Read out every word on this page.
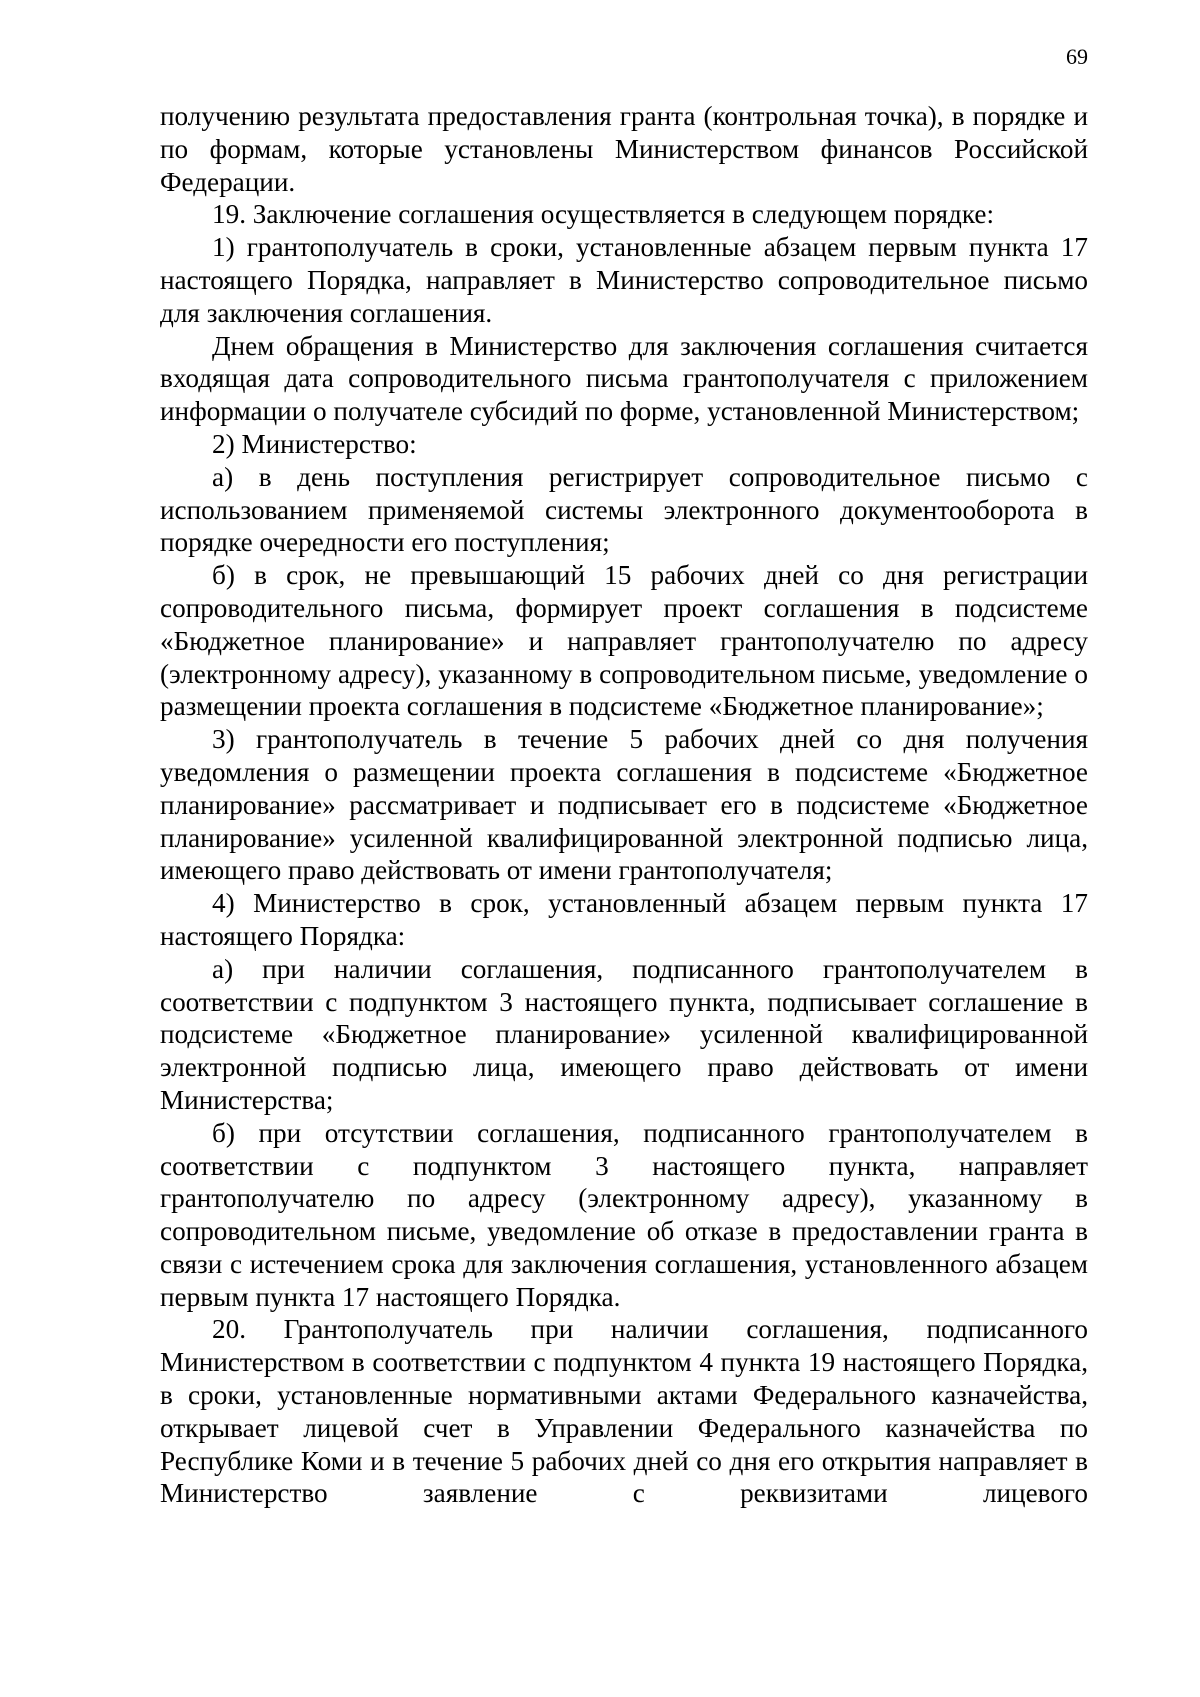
69

получению результата предоставления гранта (контрольная точка), в порядке и по формам, которые установлены Министерством финансов Российской Федерации.

19. Заключение соглашения осуществляется в следующем порядке:

1) грантополучатель в сроки, установленные абзацем первым пункта 17 настоящего Порядка, направляет в Министерство сопроводительное письмо для заключения соглашения.

Днем обращения в Министерство для заключения соглашения считается входящая дата сопроводительного письма грантополучателя с приложением информации о получателе субсидий по форме, установленной Министерством;

2) Министерство:

а) в день поступления регистрирует сопроводительное письмо с использованием применяемой системы электронного документооборота в порядке очередности его поступления;

б) в срок, не превышающий 15 рабочих дней со дня регистрации сопроводительного письма, формирует проект соглашения в подсистеме «Бюджетное планирование» и направляет грантополучателю по адресу (электронному адресу), указанному в сопроводительном письме, уведомление о размещении проекта соглашения в подсистеме «Бюджетное планирование»;

3) грантополучатель в течение 5 рабочих дней со дня получения уведомления о размещении проекта соглашения в подсистеме «Бюджетное планирование» рассматривает и подписывает его в подсистеме «Бюджетное планирование» усиленной квалифицированной электронной подписью лица, имеющего право действовать от имени грантополучателя;

4) Министерство в срок, установленный абзацем первым пункта 17 настоящего Порядка:

а) при наличии соглашения, подписанного грантополучателем в соответствии с подпунктом 3 настоящего пункта, подписывает соглашение в подсистеме «Бюджетное планирование» усиленной квалифицированной электронной подписью лица, имеющего право действовать от имени Министерства;

б) при отсутствии соглашения, подписанного грантополучателем в соответствии с подпунктом 3 настоящего пункта, направляет грантополучателю по адресу (электронному адресу), указанному в сопроводительном письме, уведомление об отказе в предоставлении гранта в связи с истечением срока для заключения соглашения, установленного абзацем первым пункта 17 настоящего Порядка.

20. Грантополучатель при наличии соглашения, подписанного Министерством в соответствии с подпунктом 4 пункта 19 настоящего Порядка, в сроки, установленные нормативными актами Федерального казначейства, открывает лицевой счет в Управлении Федерального казначейства по Республике Коми и в течение 5 рабочих дней со дня его открытия направляет в Министерство заявление с реквизитами лицевого
